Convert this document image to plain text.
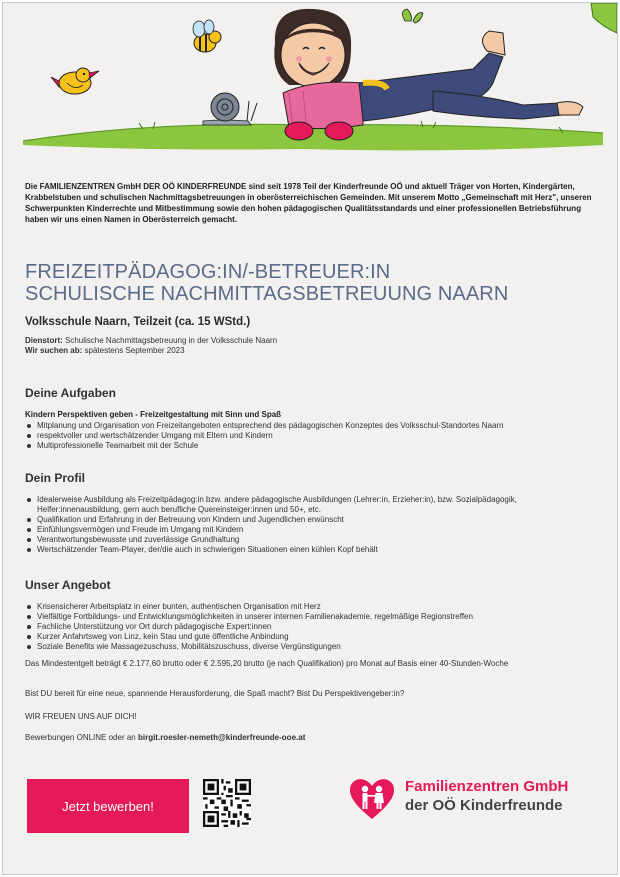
Die FAMILIENZENTREN GmbH DER OÖ KINDERFREUNDE sind seit 1978 Teil der Kinderfreunde OÖ und aktuell Träger von Horten, Kindergärten, Krabbelstuben und schulischen Nachmittagsbetreuungen in oberösterreichischen Gemeinden. Mit unserem Motto „Gemeinschaft mit Herz", unseren Schwerpunkten Kinderrechte und Mitbestimmung sowie den hohen pädagogischen Qualitätsstandards und einer professionellen Betriebsführung haben wir uns einen Namen in Oberösterreich gemacht.
FREIZEITPÄDAGOG:IN/-BETREUER:IN
SCHULISCHE NACHMITTAGSBETREUUNG NAARN
Volksschule Naarn, Teilzeit (ca. 15 WStd.)
Dienstort: Schulische Nachmittagsbetreuung in der Volksschule Naarn
Wir suchen ab: spätestens September 2023
Deine Aufgaben
Kindern Perspektiven geben - Freizeitgestaltung mit Sinn und Spaß
Mitplanung und Organisation von Freizeitangeboten entsprechend des pädagogischen Konzeptes des Volksschul-Standortes Naarn
respektvoller und wertschätzender Umgang mit Eltern und Kindern
Multiprofessionelle Teamarbeit mit der Schule
Dein Profil
Idealerweise Ausbildung als Freizeitpädagog:in bzw. andere pädagogische Ausbildungen (Lehrer:in, Erzieher:in), bzw. Sozialpädagogik, Helfer:innenausbildung, gern auch berufliche Quereinsteiger:innen und 50+, etc.
Qualifikation und Erfahrung in der Betreuung von Kindern und Jugendlichen erwünscht
Einfühlungsvermögen und Freude im Umgang mit Kindern
Verantwortungsbewusste und zuverlässige Grundhaltung
Wertschätzender Team-Player, der/die auch in schwierigen Situationen einen kühlen Kopf behält
Unser Angebot
Krisensicherer Arbeitsplatz in einer bunten, authentischen Organisation mit Herz
Vielfältige Fortbildungs- und Entwicklungsmöglichkeiten in unserer internen Familienakademie, regelmäßige Regionstreffen
Fachliche Unterstützung vor Ort durch pädagogische Expert:innen
Kurzer Anfahrtsweg von Linz, kein Stau und gute öffentliche Anbindung
Soziale Benefits wie Massagezuschuss, Mobilitätszuschuss, diverse Vergünstigungen
Das Mindestentgelt beträgt € 2.177,60 brutto oder € 2.595,20 brutto (je nach Qualifikation) pro Monat auf Basis einer 40-Stunden-Woche
Bist DU bereit für eine neue, spannende Herausforderung, die Spaß macht? Bist Du Perspektivengeber:in?
WIR FREUEN UNS AUF DICH!
Bewerbungen ONLINE oder an birgit.roesler-nemeth@kinderfreunde-ooe.at
Jetzt bewerben!
Familienzentren GmbH
der OÖ Kinderfreunde
